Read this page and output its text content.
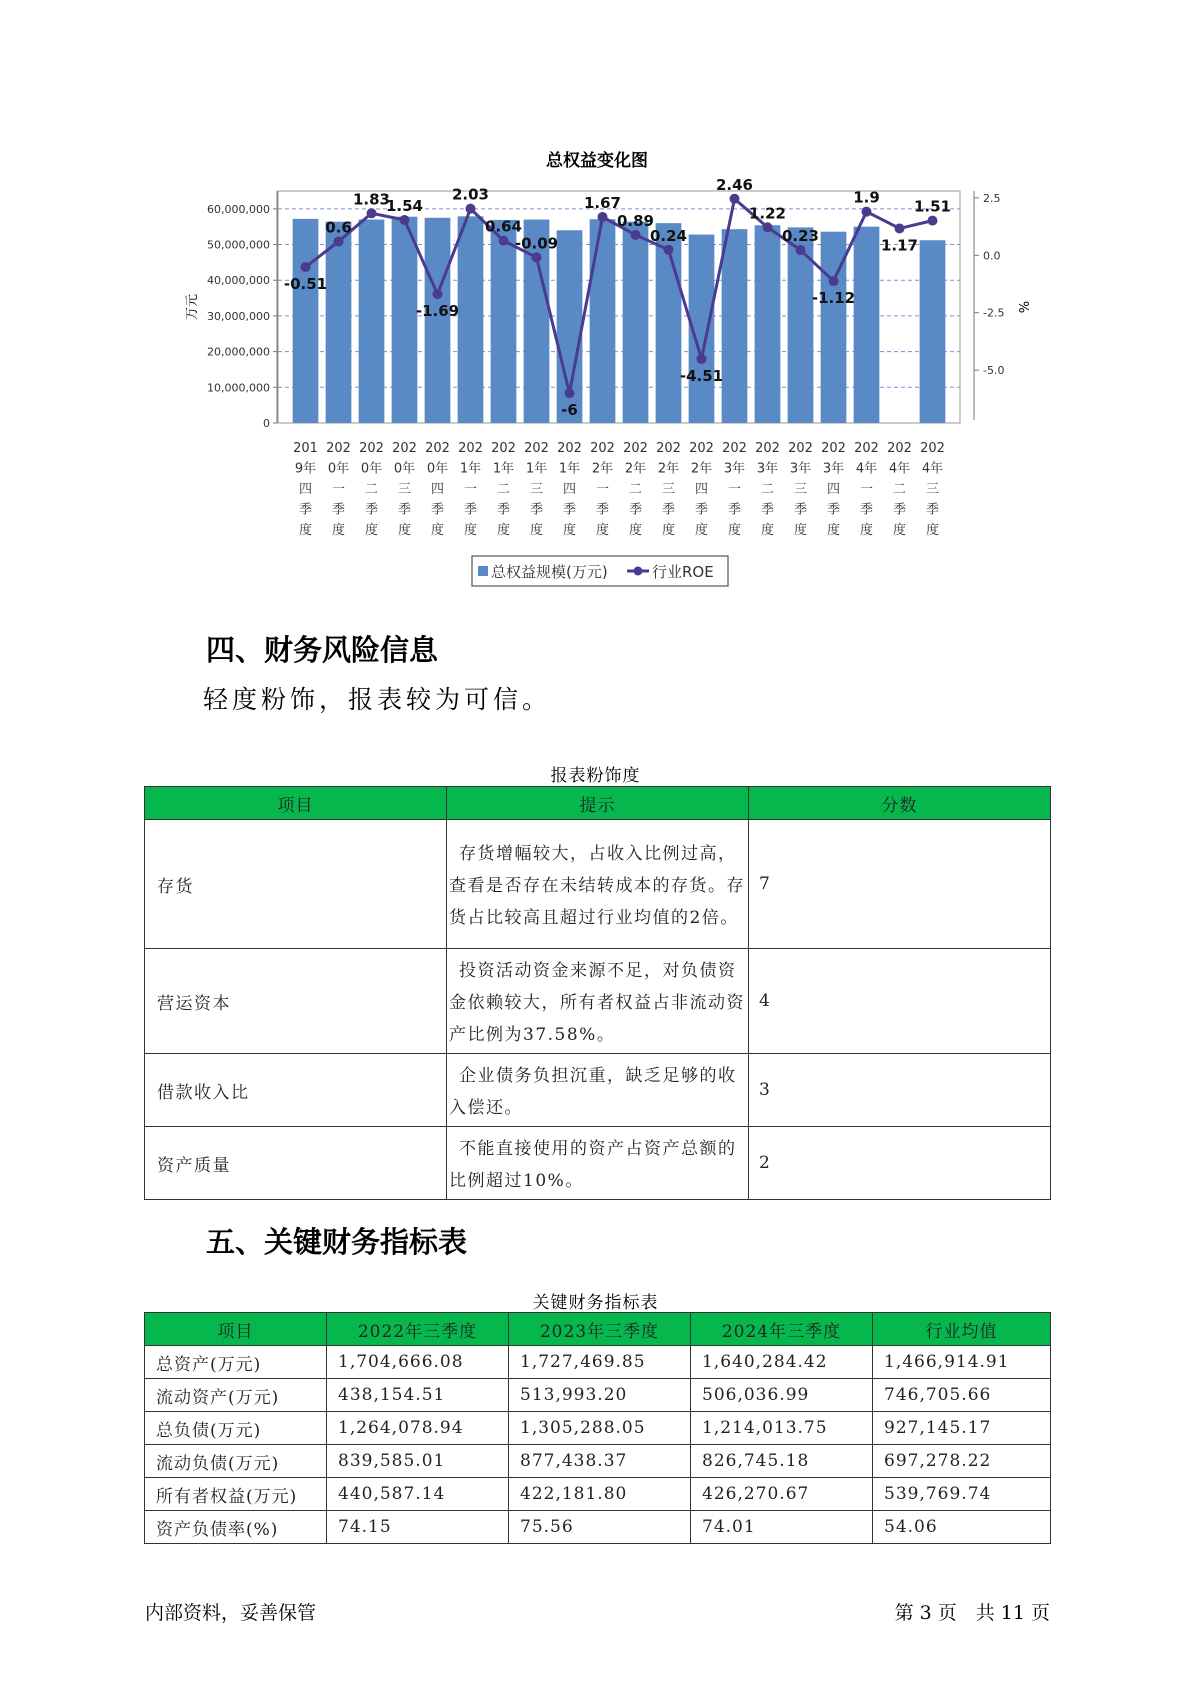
总权益变化图
0
10,000,000
20,000,000
30,000,000
40,000,000
50,000,000
60,000,000
2.5
0.0
-2.5
-5.0
-0.51
0.6
1.83
1.54
-1.69
2.03
0.64
-0.09
-6
1.67
0.89
0.24
-4.51
2.46
1.22
0.23
-1.12
1.9
1.17
1.51
201 9年四季度
202 0年一季度
202 0年二季度
202 0年三季度
202 0年四季度
202 1年一季度
202 1年二季度
202 1年三季度
202 1年四季度
202 2年一季度
202 2年二季度
202 2年三季度
202 2年四季度
202 3年一季度
202 3年二季度
202 3年三季度
202 3年四季度
202 4年一季度
202 4年二季度
202 4年三季度
万元	%
总权益规模(万元)	行业ROE
四、财务风险信息
轻度粉饰，报表较为可信。
报表粉饰度
项目	提示	分数
存货	存货增幅较大，占收入比例过高，查看是否存在未结转成本的存货。存货占比较高且超过行业均值的2倍。	7
营运资本	投资活动资金来源不足，对负债资金依赖较大，所有者权益占非流动资产比例为37.58%。	4
借款收入比	企业债务负担沉重，缺乏足够的收入偿还。	3
资产质量	不能直接使用的资产占资产总额的比例超过10%。	2
五、关键财务指标表
关键财务指标表
项目	2022年三季度	2023年三季度	2024年三季度	行业均值
总资产(万元)	1,704,666.08	1,727,469.85	1,640,284.42	1,466,914.91
流动资产(万元)	438,154.51	513,993.20	506,036.99	746,705.66
总负债(万元)	1,264,078.94	1,305,288.05	1,214,013.75	927,145.17
流动负债(万元)	839,585.01	877,438.37	826,745.18	697,278.22
所有者权益(万元)	440,587.14	422,181.80	426,270.67	539,769.74
资产负债率(%)	74.15	75.56	74.01	54.06
内部资料，妥善保管	第 3 页　共 11 页
